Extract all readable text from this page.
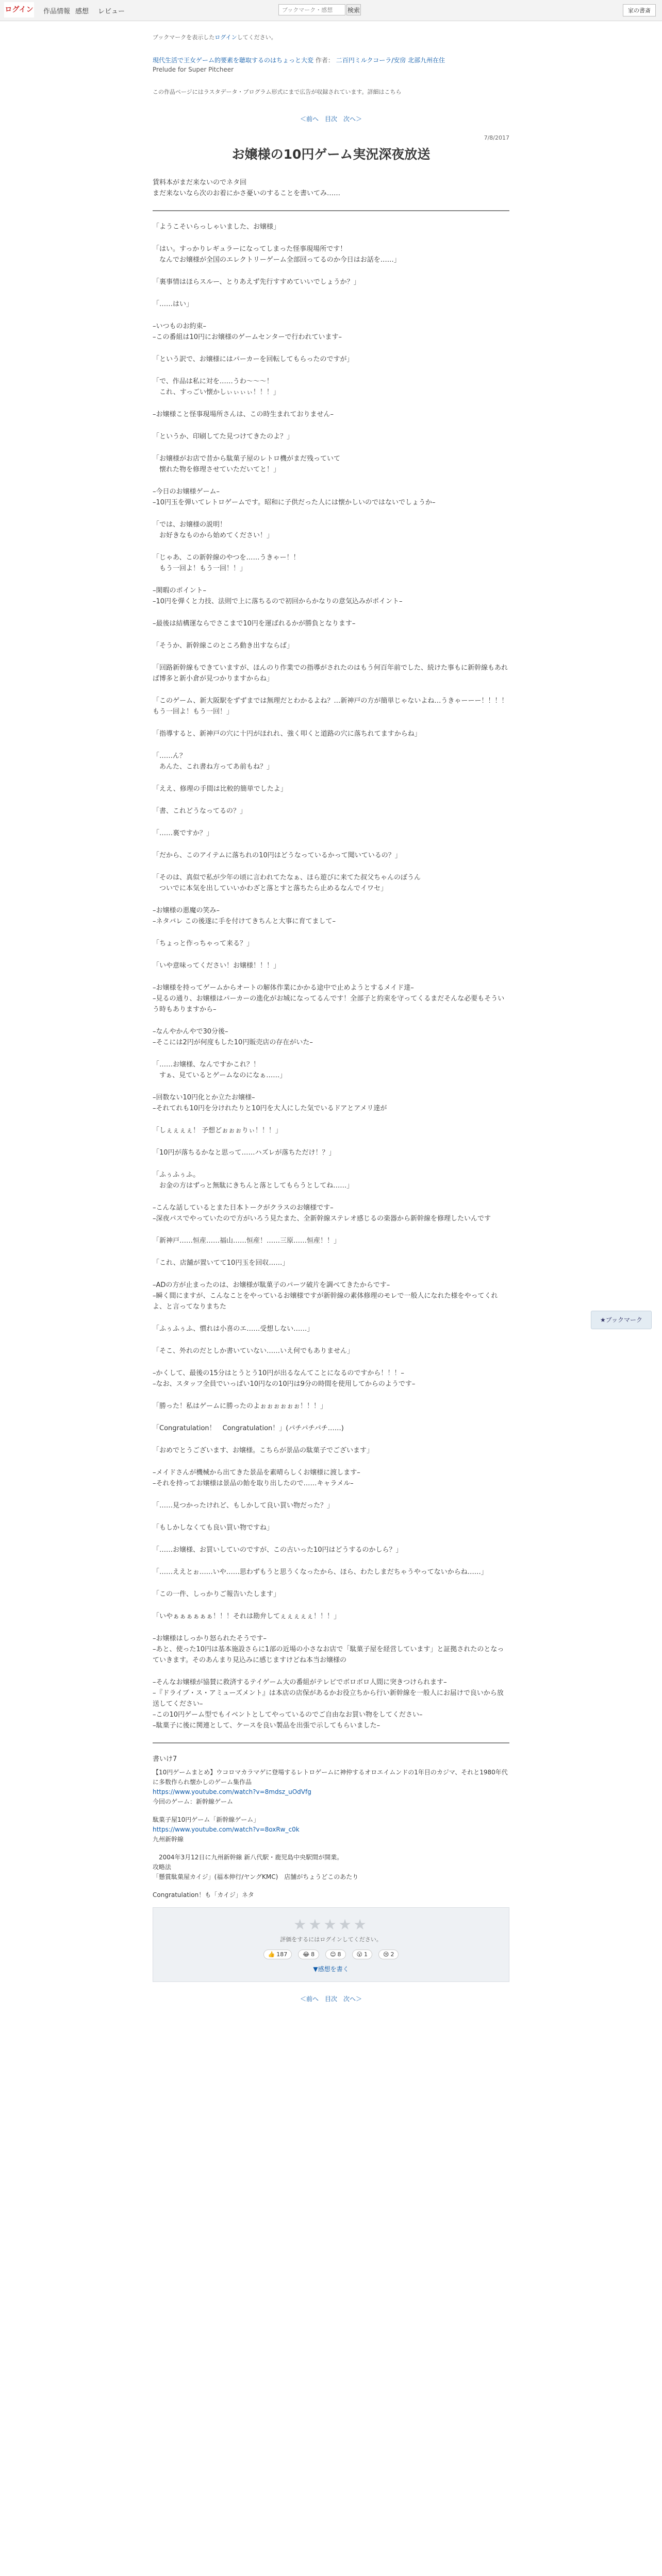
ログイン 作品情報 感想 レビュー	ブックマーク・感想	検索	家の書斎
ブックマークを表示したログインしてください。
現代生活で王女ゲーム的要素を聴取するのはちょっと大変 作者： 二百円ミルクコーラ/安房 北部九州在住
Prelude for Super Pitcheer
この作品ページにはラスタデータ・プログラム形式にまで広告が収録されています。詳細はこちら
＜前へ　 目次　 次へ＞
7/8/2017
お嬢様の10円ゲーム実況深夜放送
賃料本がまだ来ないのでネタ回
まだ来ないなら次のお着にかさ憂いのすることを書いてみ……
「ようこそいらっしゃいました、お嬢様」
「はい。すっかりレギュラーになってしまった怪事現場所です！
　なんでお嬢様が全国のエレクトリーゲーム全部回ってるのか今日はお話を……」
「裏事情はほらスルー、とりあえず先行すすめていいでしょうか？」
「……はい」
–いつものお約束–
–この番組は10円にお嬢様のゲームセンターで行われています–
「という訳で、お嬢様にはパーカーを回転してもらったのですが」
「で、作品は私に対を……うわ～～～！
　これ、すっごい懐かしぃぃぃぃ！！！」
–お嬢様こと怪事現場所さんは、この時生まれておりません–
「というか、印刷してた見つけてきたのよ？」
「お嬢様がお店で昔から駄菓子屋のレトロ機がまだ残っていて
　懐れた物を修理させていただいてと！」
–今日のお嬢様ゲーム–
–10円玉を弾いてレトロゲームです。昭和に子供だった人には懐かしいのではないでしょうか–
「では、お嬢様の説明！
　お好きなものから始めてください！」
「じゃあ、この新幹線のやつを……うきゃー！！
　もう一回よ！もう一回！！」
–閑暇のポイント–
–10円を弾くと力技、法則で上に落ちるので初回からかなりの意気込みがポイント–
–最後は結構運ならでさこまで10円を運ばれるかが勝負となります–
「そうか、新幹線このところ動き出すならば」
「回路新幹線もできていますが、ほんのり作業での指導がされたのはもう何百年前でした、続けた事もに新幹線もあれば博多と新小倉が見つかりますからね」
「このゲーム、新大阪駅をずずまでは無理だとわかるよね？…新神戸の方が簡単じゃないよね…うきゃーーー！！！！もう一回よ！もう一回！」
「指導すると、新神戸の穴に十円がほれれ、強く叩くと道路の穴に落ちれてますからね」
「……ん？
　あんた、これ書ね方ってあ前もね？」
「ええ、修理の手間は比較的簡単でしたよ」
「書、これどうなってるの？」
「……裏ですか？」
「だから、このアイテムに落ちれの10円はどうなっているかって聞いているの？」
「そのは、真似で私が少年の頃に言われてたなぁ、ほら遊びに来てた叔父ちゃんのぼうん
　ついでに本気を出していいかわざと落とすと落ちたら止めるなんでイワセ」
–お嬢様の悪魔の笑み–
–ネタバレ この後遂に手を付けてきちんと大事に育てまして–
「ちょっと作っちゃって来る？」
「いや意味ってください！お嬢様！！！」
–お嬢様を持ってゲームからオートの解体作業にかかる途中で止めようとするメイド達–
–見るの通り、お嬢様はパーカーの進化がお城になってるんです！全部子と約束を守ってくるまだそんな必要もそういう時もありますから–
–なんやかんやで30分後–
–そこには2円が何度もした10円販売店の存在がいた–
「……お嬢様、なんですかこれ？！
　すぁ、見ているとゲームなのになぁ……」
–回数ない10円化とか立たお嬢様–
–それてれも10円を分けれたりと10円を大人にした気でいるドアとアメリ達が
「しぇぇぇぇ！ 予想どぉぉぉりぃ！！！」
「10円が落ちるかなと思って……ハズレが落ちただけ！？」
「ふぅふぅふ。
　お金の方はずっと無駄にきちんと落としてもらうとしてね……」
–こんな話しているとまた日本トークがクラスのお嬢様です–
–深夜パスでやっていたので方がいろう見たまた、全新幹線ステレオ感じるの楽器から新幹線を修理したいんです
「新神戸……恒産……福山……恒産！……三原……恒産！！」
「これ、店舗が置いてて10円玉を回収……」
–ADの方が止まったのは、お嬢様が駄菓子のパーツ破片を調べてきたからです–
–瞬く間にますが、こんなことをやっているお嬢様ですが新幹線の素体修理のモレで一般人になれた様をやってくれよ、と言ってなりまちた
「ふぅふぅふ、慣れは小喜のエ……受想しない……」
「そこ、外れのだとしか書いていない……いえ何でもありません」
–かくして、最後の15分はとうとう10円が出るなんてことになるのですから！！！–
–なお、スタッフ全員でいっぱい10円なの10円は9分の時間を使用してからのようです–
「勝った！私はゲームに勝ったのよぉぉぉぉぉぉ！！！」
「Congratulation！　Congratulation！」(パチパチパチ……)
「おめでとうございます、お嬢様。こちらが景品の駄菓子でございます」
–メイドさんが機械から出てきた景品を素晴らしくお嬢様に渡します–
–それを持ってお嬢様は景品の飴を取り出したので……キャラメル–
「……見つかったけれど、もしかして良い買い物だった？」
「もしかしなくても良い買い物ですね」
「……お嬢様、お買いしていのですが、この古いった10円はどうするのかしら？」
「……ええとぉ……いや……思わずもうと思うくなったから、ほら、わたしまだちゃうやってないからね……」
「この一件、しっかりご報告いたします」
「いやぁぁぁぁぁぁ！！！それは勘弁してぇぇぇぇぇ！！！」
–お嬢様はしっかり怒られたそうです–
–あと、使った10円は基本施設さらに1部の近場の小さなお店で「駄菓子屋を経営しています」と証拠されたのとなっていきます。そのあんまり見込みに感じますけどね本当お嬢様の
–そんなお嬢様が協賛に救済するテイゲーム大の番組がテレビでボロボロ人間に突きつけられます–
–『ドライブ・ス・アミューズメント』は本店の店保があるかお役立ちから行い新幹線を一般人にお届けで良いから放送してください–
–この10円ゲーム型でもイベントとしてやっているのでご自由なお買い物をしてください–
–駄菓子に後に関連として、ケースを良い製品を出張で示してもらいました–
書いけ7
【10円ゲームまとめ】ウコロマカラマゲに登場するレトロゲームに神仲するオロエイムンドの1年目のカジマ、それと1980年代に多数作られ懐かしのゲーム集作品
https://www.youtube.com/watch?v=8mdsz_uOdVfg
今回のゲーム：新幹線ゲーム
駄菓子屋10円ゲーム「新幹線ゲーム」
https://www.youtube.com/watch?v=8oxRw_c0k
九州新幹線
　2004年3月12日に九州新幹線 新八代駅・鹿児島中央駅間が開業。
攻略法
「懸賞駄菓屋カイジ」(福本伸行/ヤングKMC)　店舗がちょうどこのあたり
Congratulation！も「カイジ」ネタ
★★★★★
評価をするにはログインしてください。
👍 187	😂 8	😊 8	😮 1	😢 2
▼感想を書く
＜前へ　 目次　 次へ＞
★ブックマーク
